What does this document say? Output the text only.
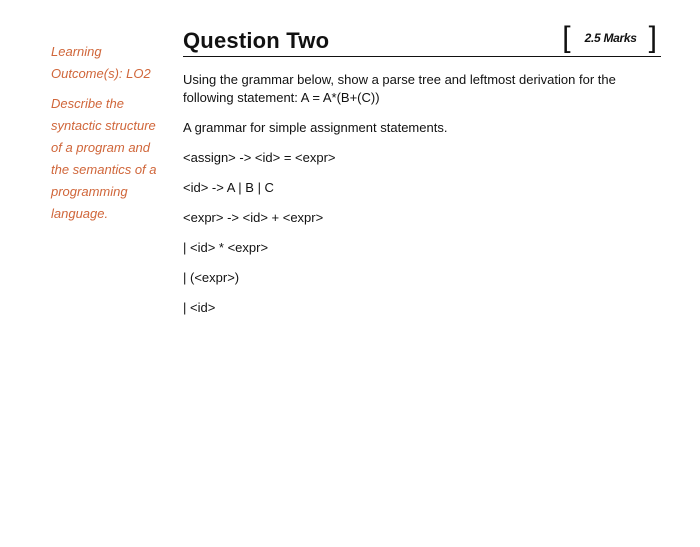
Learning

Outcome(s): LO2

Describe the

syntactic structure

of a program and

the semantics of a

programming

language.

Question Two	[ 2.5 Marks ]

Using the grammar below, show a parse tree and leftmost derivation for the

following statement: A = A*(B+(C))

A grammar for simple assignment statements.

<assign> -> <id> = <expr>

<id> -> A | B | C

<expr> -> <id> + <expr>

| <id> * <expr>

| (<expr>)

| <id>
